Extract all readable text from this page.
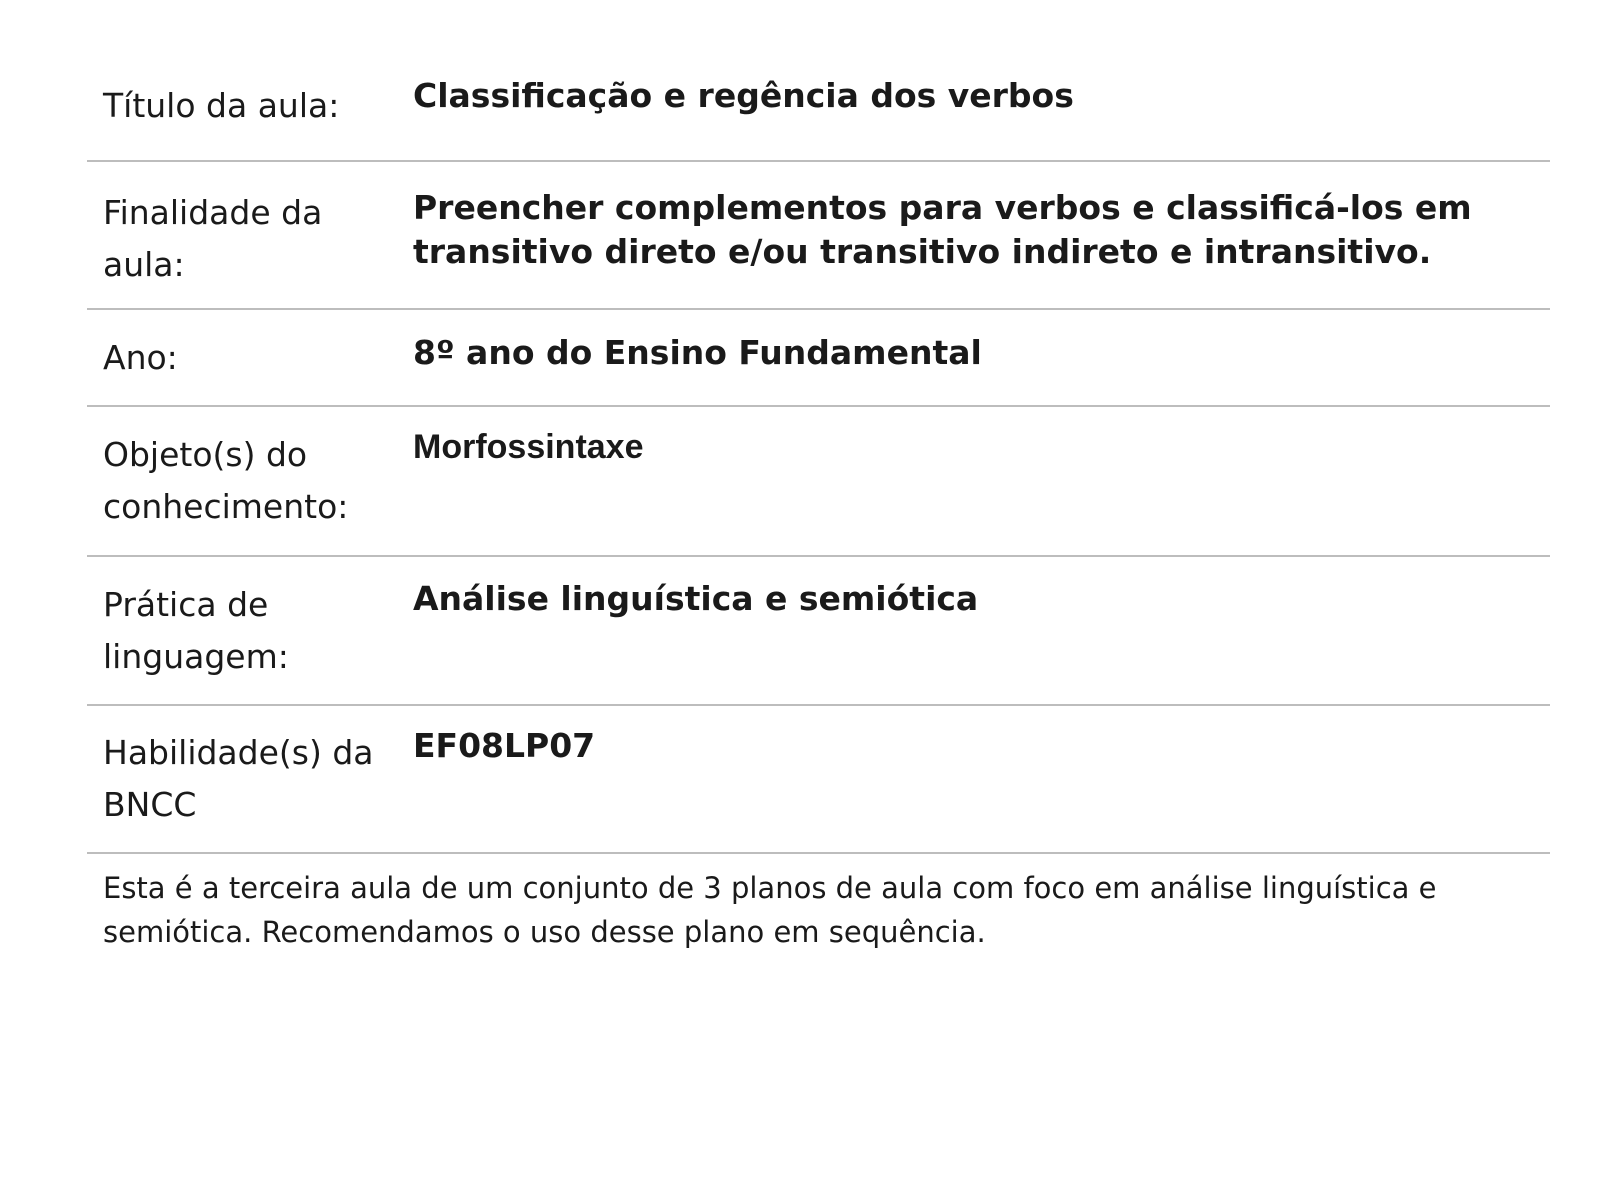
Título da aula:	Classificação e regência dos verbos
Finalidade da aula:
Preencher complementos para verbos e classificá-los em transitivo direto e/ou transitivo indireto e intransitivo.
Ano:	8º ano do Ensino Fundamental
Objeto(s) do conhecimento:
Morfossintaxe
Prática de linguagem:
Análise linguística e semiótica
Habilidade(s) da BNCC
EF08LP07
Esta é a terceira aula de um conjunto de 3 planos de aula com foco em análise linguística e semiótica. Recomendamos o uso desse plano em sequência.
